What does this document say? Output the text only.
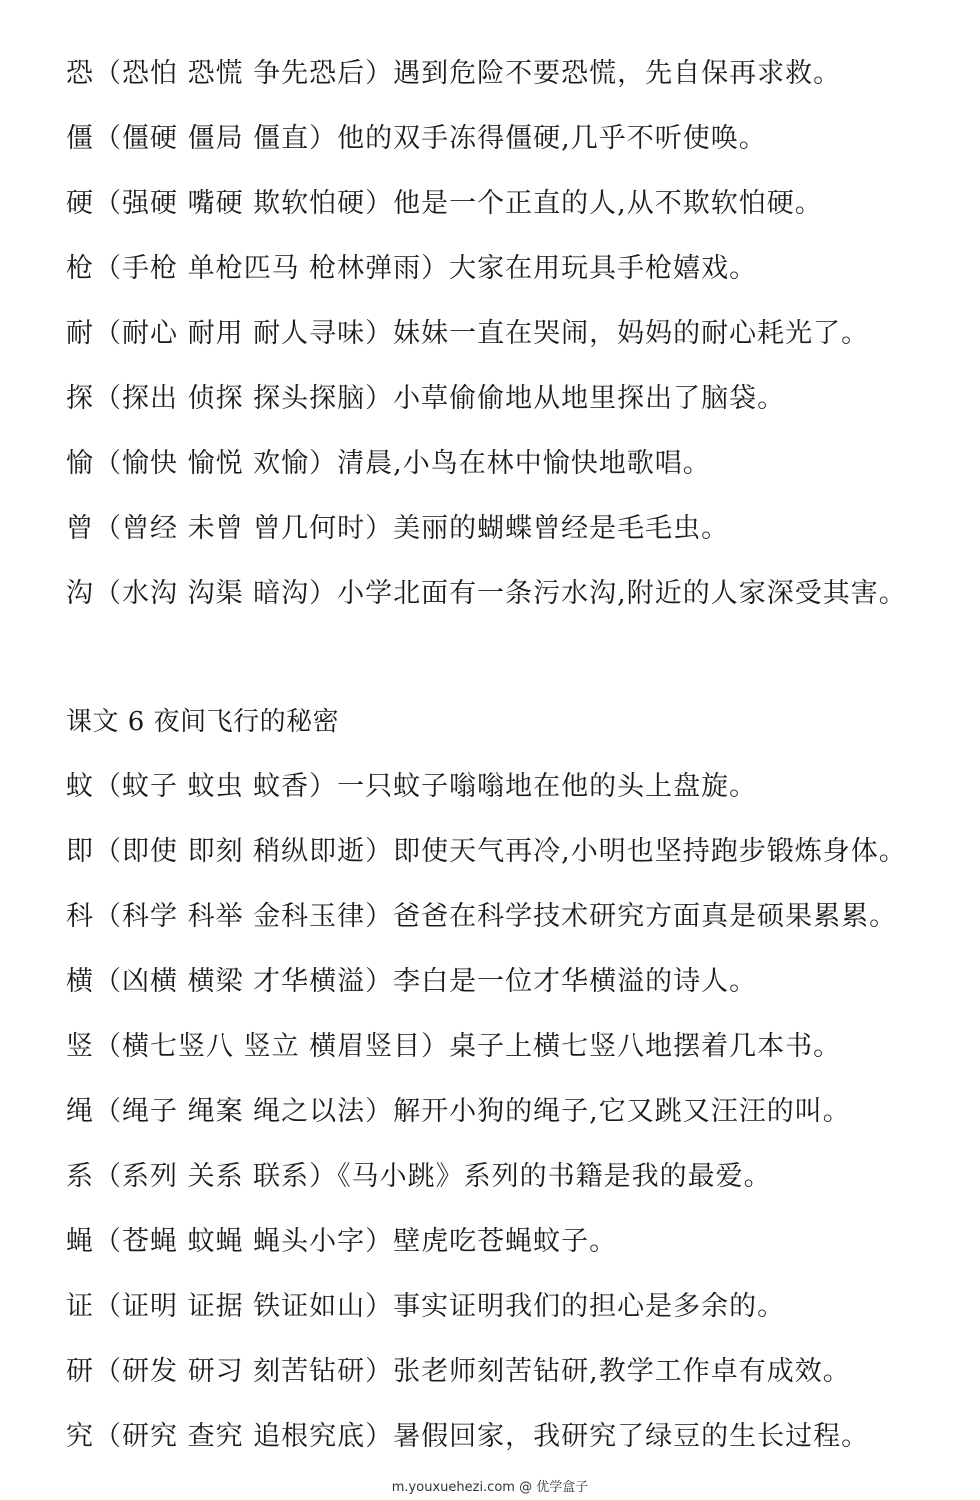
恐（恐怕 恐慌 争先恐后）遇到危险不要恐慌，先自保再求救。
僵（僵硬 僵局 僵直）他的双手冻得僵硬,几乎不听使唤。
硬（强硬 嘴硬 欺软怕硬）他是一个正直的人,从不欺软怕硬。
枪（手枪 单枪匹马 枪林弹雨）大家在用玩具手枪嬉戏。
耐（耐心 耐用 耐人寻味）妹妹一直在哭闹，妈妈的耐心耗光了。
探（探出 侦探 探头探脑）小草偷偷地从地里探出了脑袋。
愉（愉快 愉悦 欢愉）清晨,小鸟在林中愉快地歌唱。
曾（曾经 未曾 曾几何时）美丽的蝴蝶曾经是毛毛虫。
沟（水沟 沟渠 暗沟）小学北面有一条污水沟,附近的人家深受其害。
课文 6 夜间飞行的秘密
蚊（蚊子 蚊虫 蚊香）一只蚊子嗡嗡地在他的头上盘旋。
即（即使 即刻 稍纵即逝）即使天气再冷,小明也坚持跑步锻炼身体。
科（科学 科举 金科玉律）爸爸在科学技术研究方面真是硕果累累。
横（凶横 横梁 才华横溢）李白是一位才华横溢的诗人。
竖（横七竖八 竖立 横眉竖目）桌子上横七竖八地摆着几本书。
绳（绳子 绳案 绳之以法）解开小狗的绳子,它又跳又汪汪的叫。
系（系列 关系 联系）《马小跳》系列的书籍是我的最爱。
蝇（苍蝇 蚊蝇 蝇头小字）壁虎吃苍蝇蚊子。
证（证明 证据 铁证如山）事实证明我们的担心是多余的。
研（研发 研习 刻苦钻研）张老师刻苦钻研,教学工作卓有成效。
究（研究 查究 追根究底）暑假回家，我研究了绿豆的生长过程。
m.youxuehezi.com @ 优学盒子
